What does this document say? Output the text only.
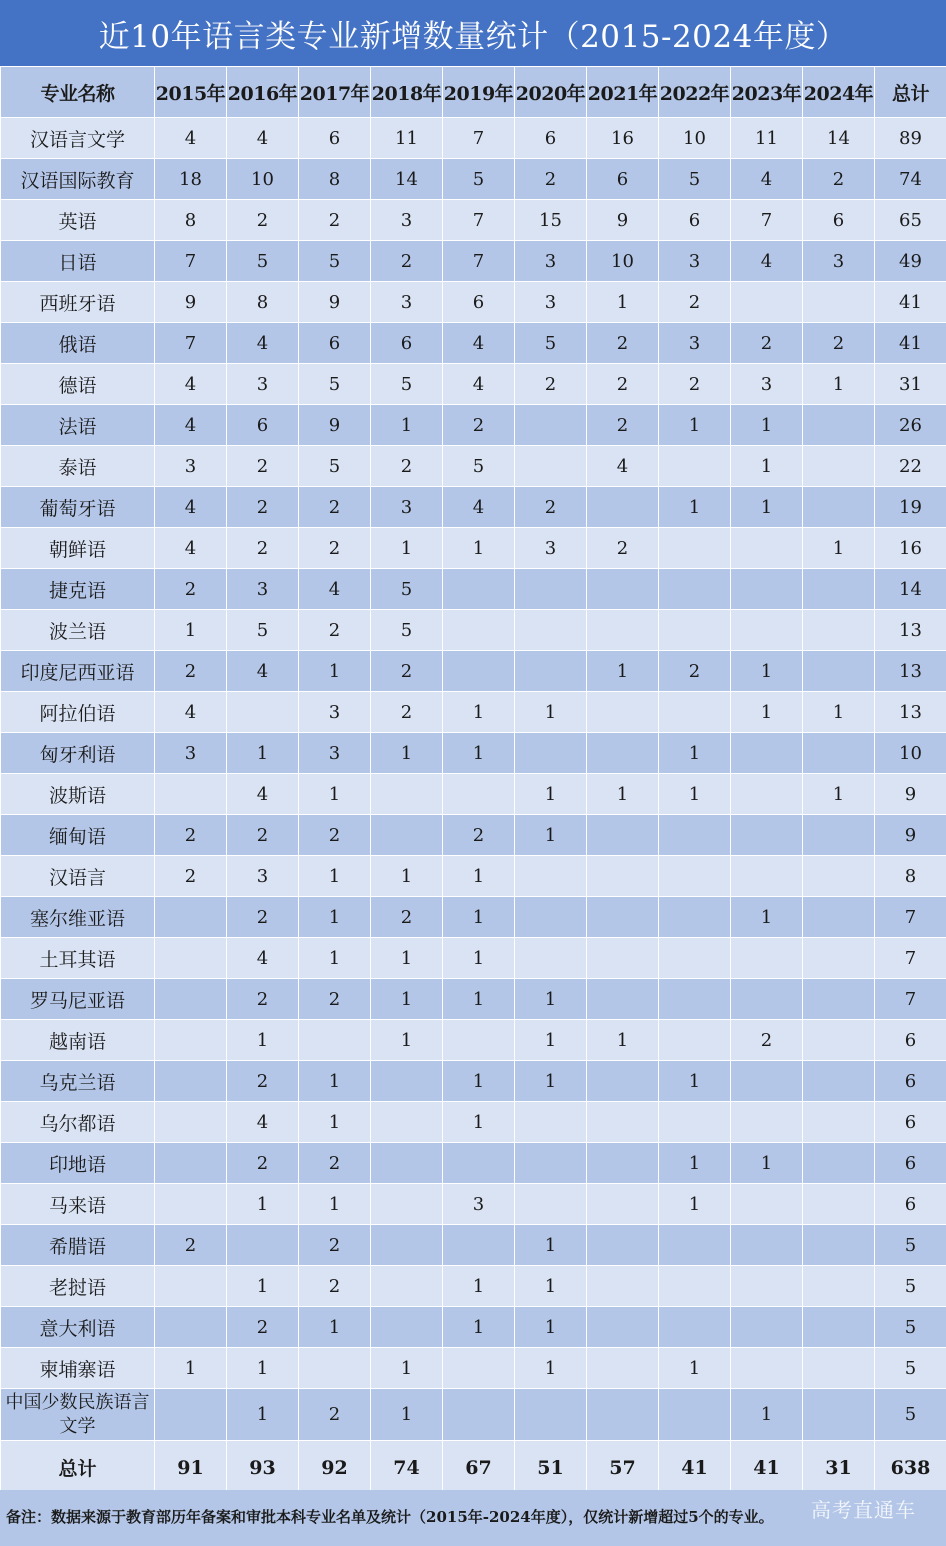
近10年语言类专业新增数量统计（2015-2024年度）
专业名称	2015年	2016年	2017年	2018年	2019年	2020年	2021年	2022年	2023年	2024年	总计
汉语言文学	4	4	6	11	7	6	16	10	11	14	89
汉语国际教育	18	10	8	14	5	2	6	5	4	2	74
英语	8	2	2	3	7	15	9	6	7	6	65
日语	7	5	5	2	7	3	10	3	4	3	49
西班牙语	9	8	9	3	6	3	1	2			41
俄语	7	4	6	6	4	5	2	3	2	2	41
德语	4	3	5	5	4	2	2	2	3	1	31
法语	4	6	9	1	2		2	1	1		26
泰语	3	2	5	2	5		4		1		22
葡萄牙语	4	2	2	3	4	2		1	1		19
朝鲜语	4	2	2	1	1	3	2			1	16
捷克语	2	3	4	5							14
波兰语	1	5	2	5							13
印度尼西亚语	2	4	1	2			1	2	1		13
阿拉伯语	4		3	2	1	1			1	1	13
匈牙利语	3	1	3	1	1			1			10
波斯语		4	1			1	1	1		1	9
缅甸语	2	2	2		2	1					9
汉语言	2	3	1	1	1						8
塞尔维亚语		2	1	2	1				1		7
土耳其语		4	1	1	1						7
罗马尼亚语		2	2	1	1	1					7
越南语		1		1		1	1		2		6
乌克兰语		2	1		1	1		1			6
乌尔都语		4	1		1						6
印地语		2	2					1	1		6
马来语		1	1		3			1			6
希腊语	2		2			1					5
老挝语		1	2		1	1					5
意大利语		2	1		1	1					5
柬埔寨语	1	1		1		1		1			5
中国少数民族语言文学		1	2	1					1		5
总计	91	93	92	74	67	51	57	41	41	31	638
备注：数据来源于教育部历年备案和审批本科专业名单及统计（2015年-2024年度），仅统计新增超过5个的专业。	高考直通车
